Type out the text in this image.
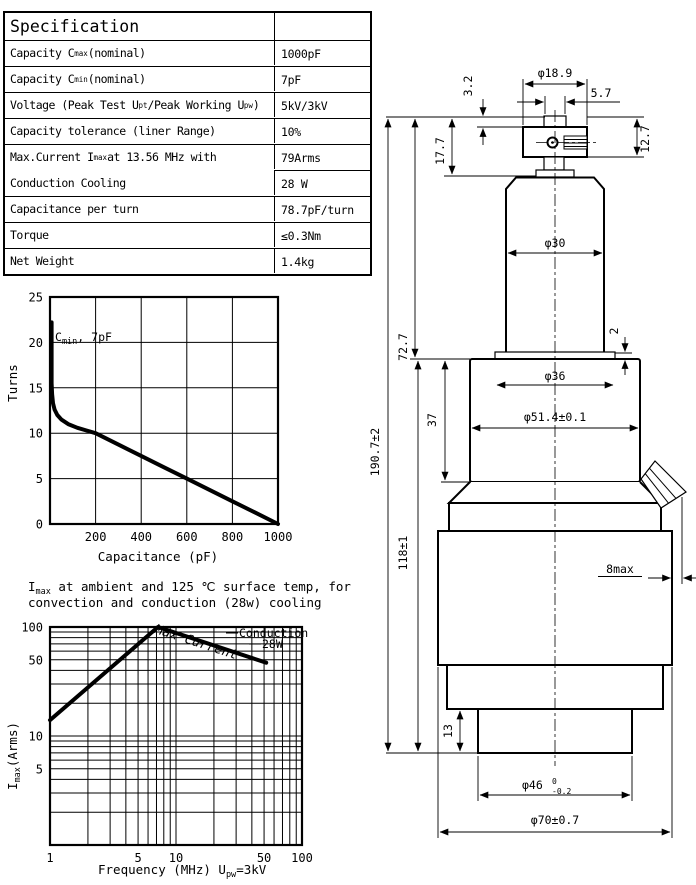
200 400 600 800 1000
0
5
10
15
20
25
Turns
Capacitance (pF)
$C_{min}$, 7pF
1	5 10	50 100
5
10
50
100
$I_{max}$ at ambient and 125 ℃ surface temp, for
convection and conduction (28w) cooling
$I_{max}(Arms)$
Frequency (MHz) $U_{pw}=3kV$
Max Current Conduction
28W
φ18.9
5.7
3.2
17.7	12.7
72.7
190.7±2
118±1
37
φ30
2
φ36
φ51.4±0.1
8max
13
φ46 0
-0.2
φ70±0.7
Specification
Capacity C max (nominal)	1000pF
Capacity C min (nominal)	7pF
Voltage (Peak Test U pt /Peak Working U pw )	5kV/3kV
Capacity tolerance (liner Range)	10%
Max.Current I max at 13.56 MHz with	79Arms
Conduction Cooling	28 W
Capacitance per turn	78.7pF/turn
Torque	≤0.3Nm
Net Weight	1.4kg
